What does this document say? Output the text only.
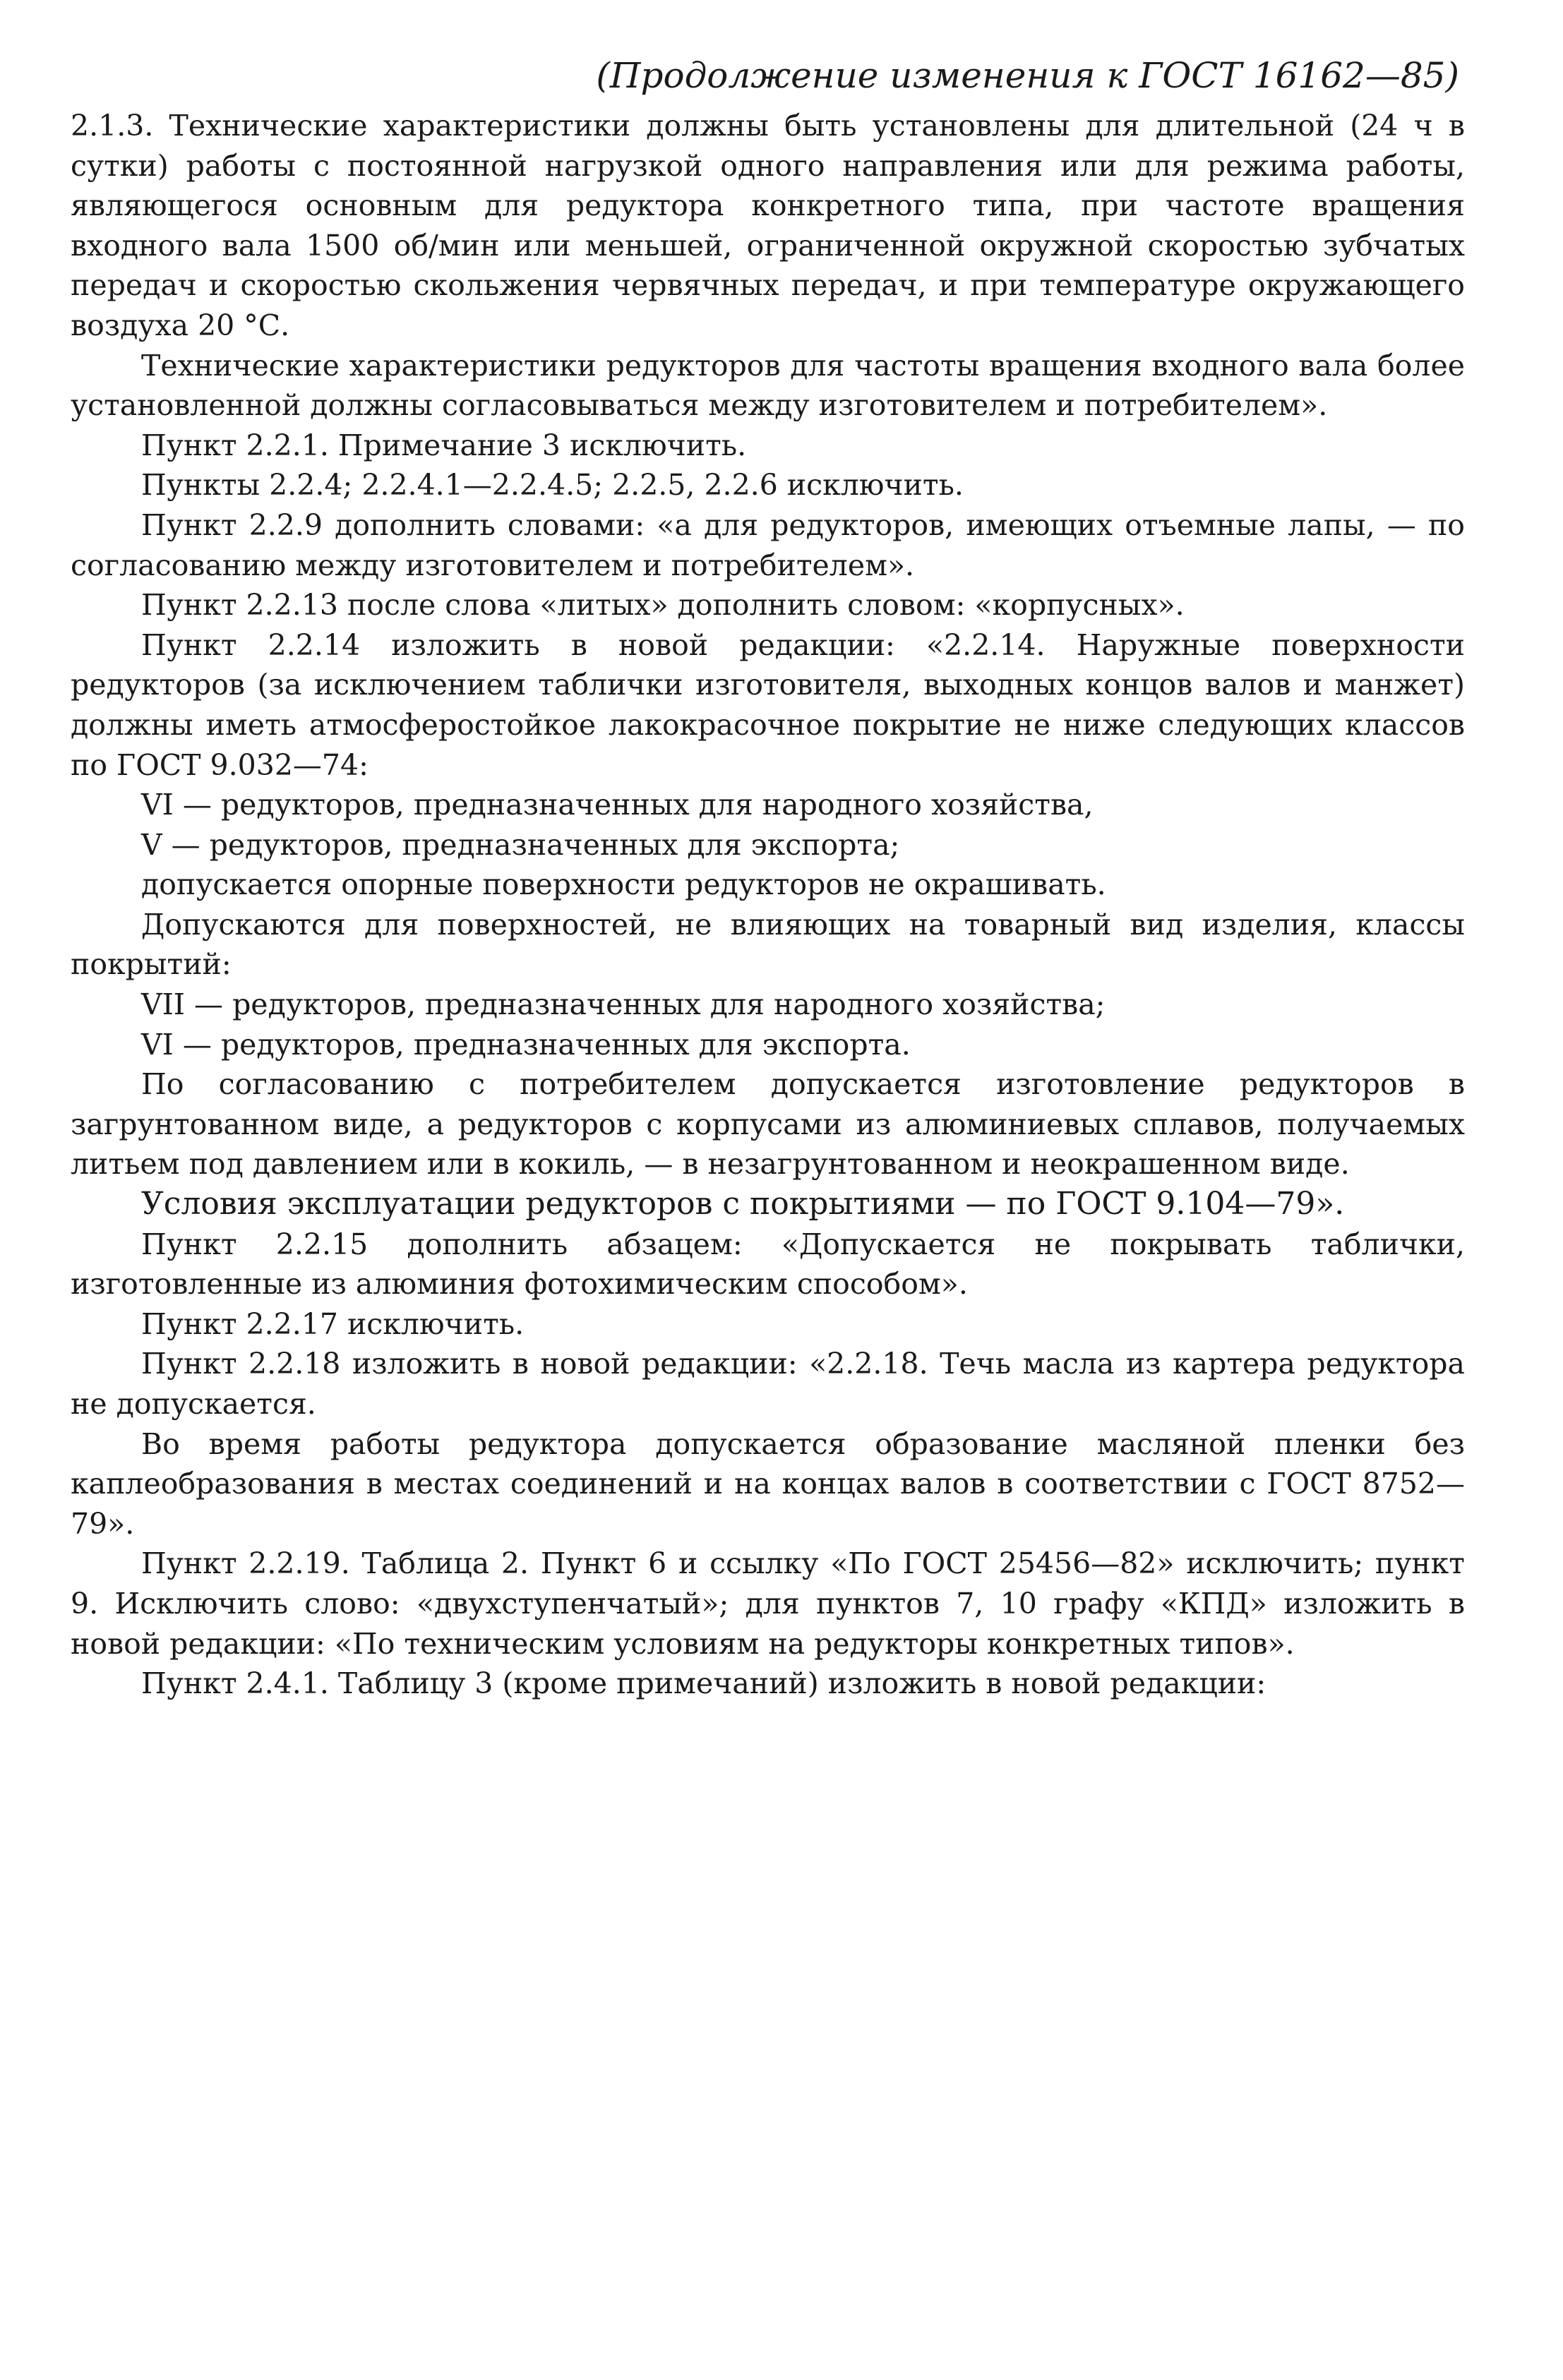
(Продолжение изменения к ГОСТ 16162—85)

2.1.3. Технические характеристики должны быть установлены для длительной (24 ч в сутки) работы с постоянной нагрузкой одного направления или для режима работы, являющегося основным для редуктора конкретного типа, при частоте вращения входного вала 1500 об/мин или меньшей, ограниченной окружной скоростью зубчатых передач и скоростью скольжения червячных передач, и при температуре окружающего воздуха 20 °С.

Технические характеристики редукторов для частоты вращения входного вала более установленной должны согласовываться между изготовителем и потребителем».

Пункт 2.2.1. Примечание 3 исключить.

Пункты 2.2.4; 2.2.4.1—2.2.4.5; 2.2.5, 2.2.6 исключить.

Пункт 2.2.9 дополнить словами: «а для редукторов, имеющих отъемные лапы, — по согласованию между изготовителем и потребителем».

Пункт 2.2.13 после слова «литых» дополнить словом: «корпусных».

Пункт 2.2.14 изложить в новой редакции: «2.2.14. Наружные поверхности редукторов (за исключением таблички изготовителя, выходных концов валов и манжет) должны иметь атмосферостойкое лакокрасочное покрытие не ниже следующих классов по ГОСТ 9.032—74:

VI — редукторов, предназначенных для народного хозяйства,

V — редукторов, предназначенных для экспорта;

допускается опорные поверхности редукторов не окрашивать.

Допускаются для поверхностей, не влияющих на товарный вид изделия, классы покрытий:

VII — редукторов, предназначенных для народного хозяйства;

VI — редукторов, предназначенных для экспорта.

По согласованию с потребителем допускается изготовление редукторов в загрунтованном виде, а редукторов с корпусами из алюминиевых сплавов, получаемых литьем под давлением или в кокиль, — в незагрунтованном и неокрашенном виде.

Условия эксплуатации редукторов с покрытиями — по ГОСТ 9.104—79».

Пункт 2.2.15 дополнить абзацем: «Допускается не покрывать таблички, изготовленные из алюминия фотохимическим способом».

Пункт 2.2.17 исключить.

Пункт 2.2.18 изложить в новой редакции: «2.2.18. Течь масла из картера редуктора не допускается.

Во время работы редуктора допускается образование масляной пленки без каплеобразования в местах соединений и на концах валов в соответствии с ГОСТ 8752—79».

Пункт 2.2.19. Таблица 2. Пункт 6 и ссылку «По ГОСТ 25456—82» исключить; пункт 9. Исключить слово: «двухступенчатый»; для пунктов 7, 10 графу «КПД» изложить в новой редакции: «По техническим условиям на редукторы конкретных типов».

Пункт 2.4.1. Таблицу 3 (кроме примечаний) изложить в новой редакции:
